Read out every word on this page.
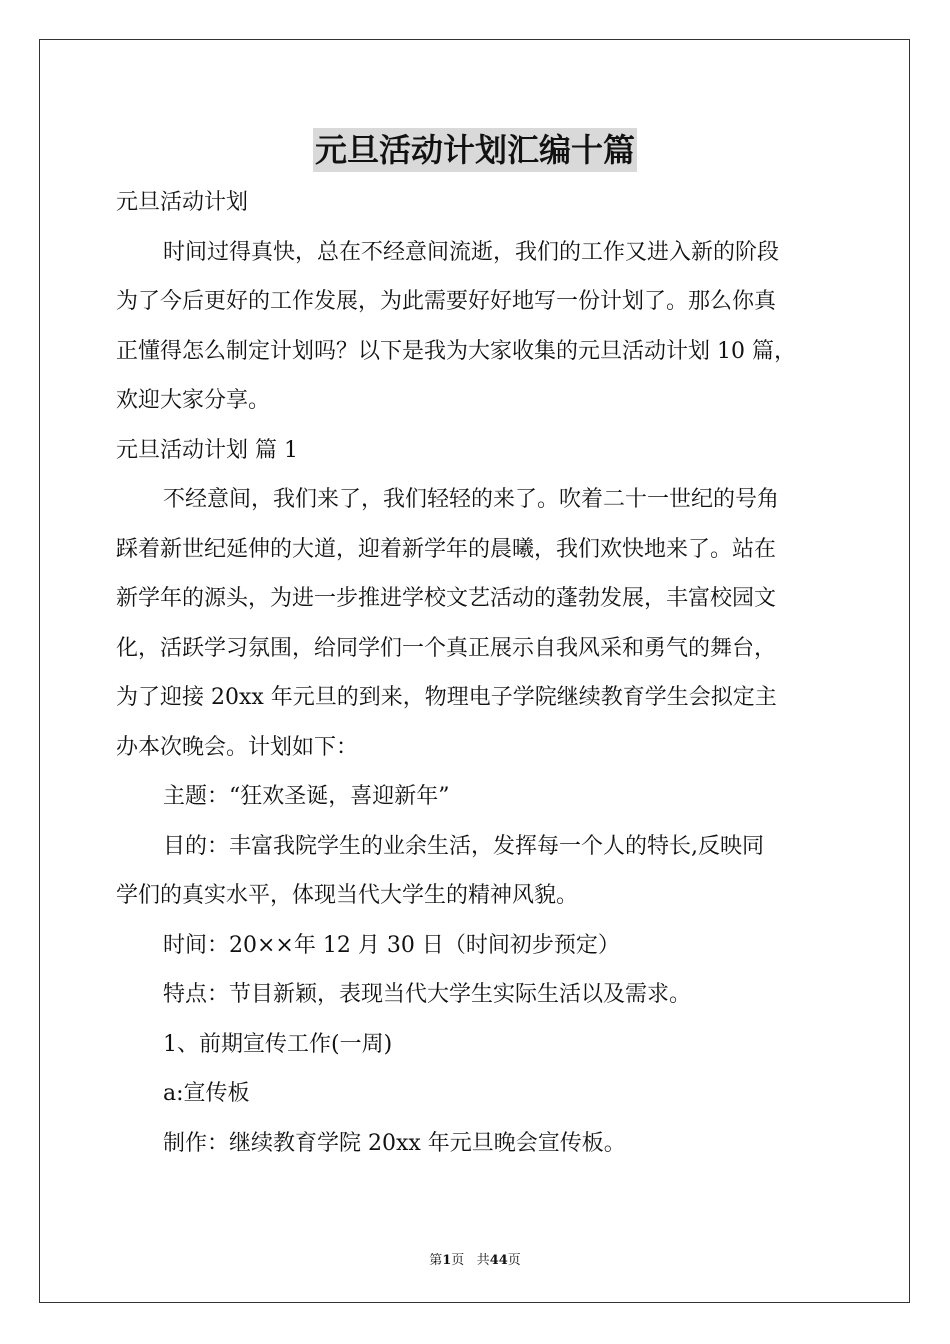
元旦活动计划汇编十篇
元旦活动计划
时间过得真快，总在不经意间流逝，我们的工作又进入新的阶段
为了今后更好的工作发展，为此需要好好地写一份计划了。那么你真
正懂得怎么制定计划吗？以下是我为大家收集的元旦活动计划 10 篇，
欢迎大家分享。
元旦活动计划 篇 1
不经意间，我们来了，我们轻轻的来了。吹着二十一世纪的号角
踩着新世纪延伸的大道，迎着新学年的晨曦，我们欢快地来了。站在
新学年的源头，为进一步推进学校文艺活动的蓬勃发展，丰富校园文
化，活跃学习氛围，给同学们一个真正展示自我风采和勇气的舞台，
为了迎接 20xx 年元旦的到来，物理电子学院继续教育学生会拟定主
办本次晚会。计划如下：
主题：“狂欢圣诞，喜迎新年”
目的：丰富我院学生的业余生活，发挥每一个人的特长,反映同
学们的真实水平，体现当代大学生的精神风貌。
时间：20××年 12 月 30 日（时间初步预定）
特点：节目新颖，表现当代大学生实际生活以及需求。
1、前期宣传工作(一周)
a:宣传板
制作：继续教育学院 20xx 年元旦晚会宣传板。
第1页 共44页
